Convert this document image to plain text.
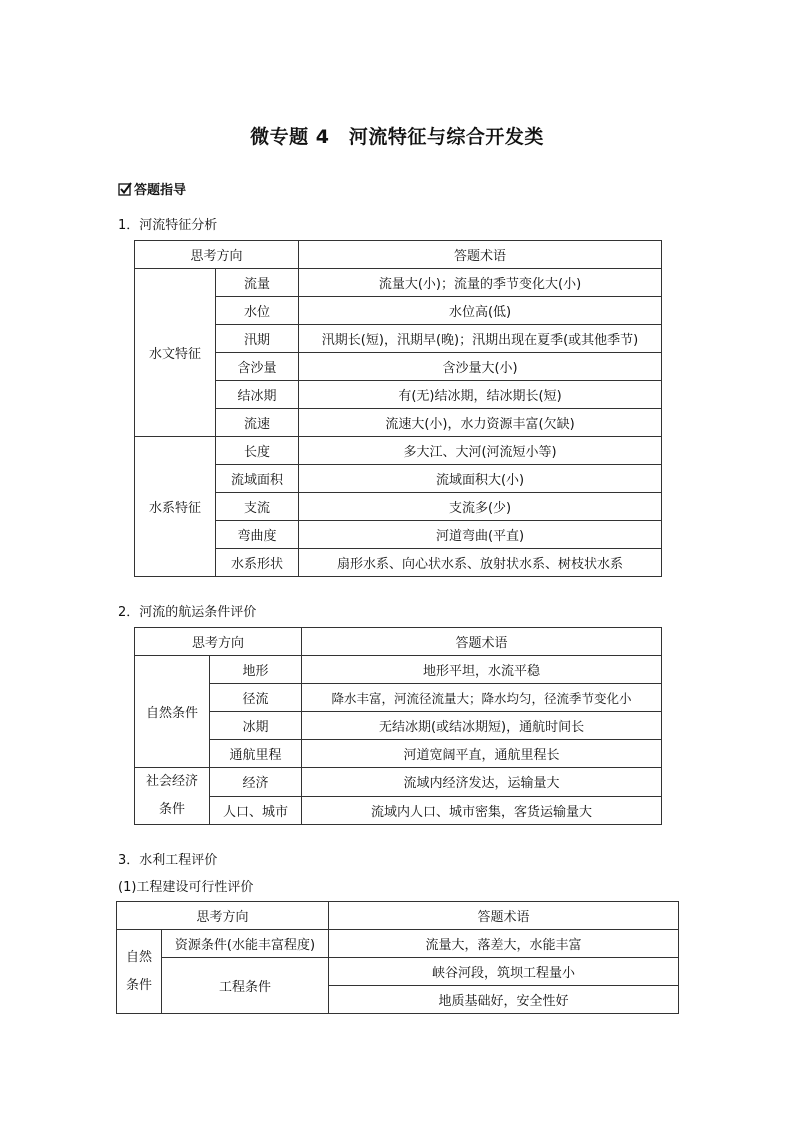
微专题 4　河流特征与综合开发类
答题指导
1．河流特征分析
思考方向		答题术语
水文特征	流量	流量大(小)；流量的季节变化大(小)
	水位	水位高(低)
	汛期	汛期长(短)，汛期早(晚)；汛期出现在夏季(或其他季节)
	含沙量	含沙量大(小)
	结冰期	有(无)结冰期，结冰期长(短)
	流速	流速大(小)，水力资源丰富(欠缺)
水系特征	长度	多大江、大河(河流短小等)
	流域面积	流域面积大(小)
	支流	支流多(少)
	弯曲度	河道弯曲(平直)
	水系形状	扇形水系、向心状水系、放射状水系、树枝状水系
2．河流的航运条件评价
思考方向		答题术语
自然条件	地形	地形平坦，水流平稳
	径流	降水丰富，河流径流量大；降水均匀，径流季节变化小
	冰期	无结冰期(或结冰期短)，通航时间长
	通航里程	河道宽阔平直，通航里程长
社会经济条件	经济	流域内经济发达，运输量大
	人口、城市	流域内人口、城市密集，客货运输量大
3．水利工程评价
(1)工程建设可行性评价
思考方向		答题术语
自然条件	资源条件(水能丰富程度)	流量大，落差大，水能丰富
	工程条件	峡谷河段，筑坝工程量小
		地质基础好，安全性好
